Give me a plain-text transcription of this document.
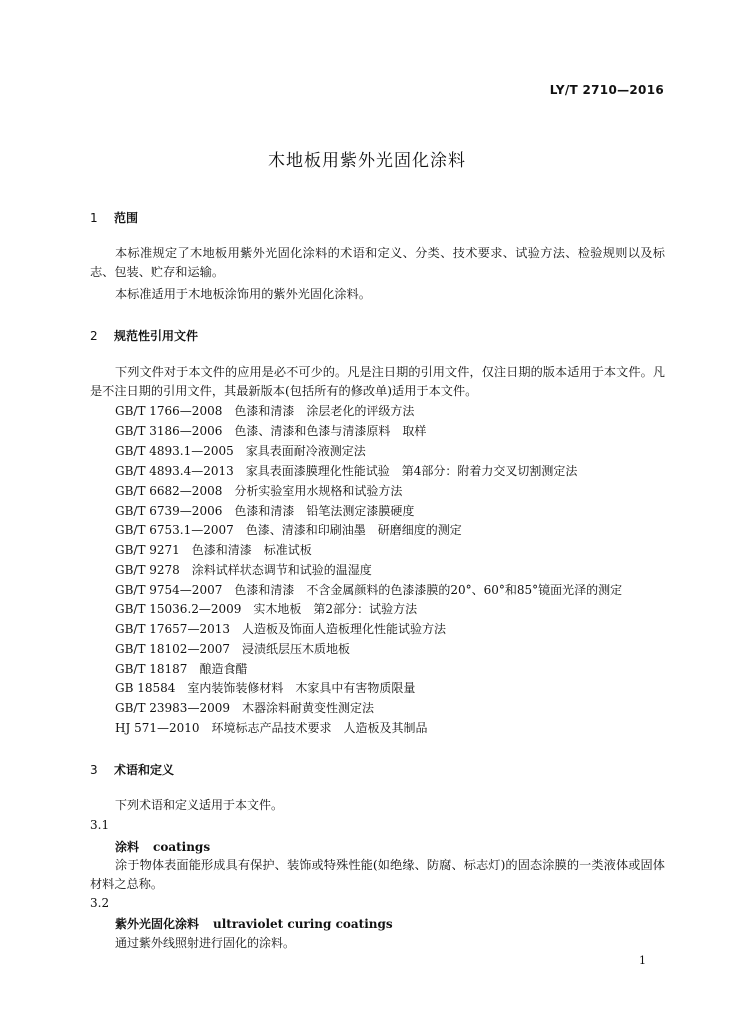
LY/T 2710—2016
木地板用紫外光固化涂料
1 范围

本标准规定了木地板用紫外光固化涂料的术语和定义、分类、技术要求、试验方法、检验规则以及标志、包装、贮存和运输。

本标准适用于木地板涂饰用的紫外光固化涂料。

2 规范性引用文件

下列文件对于本文件的应用是必不可少的。凡是注日期的引用文件，仅注日期的版本适用于本文件。凡是不注日期的引用文件，其最新版本(包括所有的修改单)适用于本文件。

GB/T 1766—2008　色漆和清漆　涂层老化的评级方法
GB/T 3186—2006　色漆、清漆和色漆与清漆原料　取样
GB/T 4893.1—2005　家具表面耐冷液测定法
GB/T 4893.4—2013　家具表面漆膜理化性能试验　第4部分：附着力交叉切割测定法
GB/T 6682—2008　分析实验室用水规格和试验方法
GB/T 6739—2006　色漆和清漆　铅笔法测定漆膜硬度
GB/T 6753.1—2007　色漆、清漆和印刷油墨　研磨细度的测定
GB/T 9271　色漆和清漆　标准试板
GB/T 9278　涂料试样状态调节和试验的温湿度
GB/T 9754—2007　色漆和清漆　不含金属颜料的色漆漆膜的20°、60°和85°镜面光泽的测定
GB/T 15036.2—2009　实木地板　第2部分：试验方法
GB/T 17657—2013　人造板及饰面人造板理化性能试验方法
GB/T 18102—2007　浸渍纸层压木质地板
GB/T 18187　酿造食醋
GB 18584　室内装饰装修材料　木家具中有害物质限量
GB/T 23983—2009　木器涂料耐黄变性测定法
HJ 571—2010　环境标志产品技术要求　人造板及其制品
3 术语和定义
下列术语和定义适用于本文件。
3.1
涂料 coatings

涂于物体表面能形成具有保护、装饰或特殊性能(如绝缘、防腐、标志灯)的固态涂膜的一类液体或固体材料之总称。

3.2
紫外光固化涂料 ultraviolet curing coatings
通过紫外线照射进行固化的涂料。
1
